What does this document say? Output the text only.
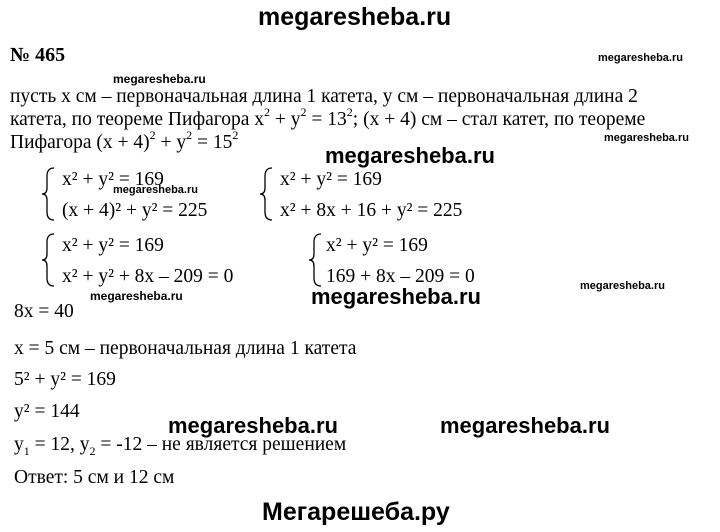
megaresheba.ru
Мегарешеба.ру
megaresheba.ru
megaresheba.ru
megaresheba.ru
megaresheba.ru
megaresheba.ru
megaresheba.ru
megaresheba.ru	megaresheba.ru
megaresheba.ru	megaresheba.ru
№ 465
пусть х см – первоначальная длина 1 катета, у см – первоначальная длина 2
катета, по теореме Пифагора $х^2 + у^2 = 13^2$; (х + 4) см – стал катет, по теореме
Пифагора $(х + 4)^2 + у^2 = 15^2$
х² + у² = 169
(х + 4)² + у² = 225
х² + у² = 169
х² + 8х + 16 + у² = 225
х² + у² = 169
х² + у² + 8х – 209 = 0
х² + у² = 169
169 + 8х – 209 = 0
8х = 40
х = 5 см – первоначальная длина 1 катета
5² + у² = 169
у² = 144
$у_1 = 12$, $у_2 = -12$ – не является решением
Ответ: 5 см и 12 см
